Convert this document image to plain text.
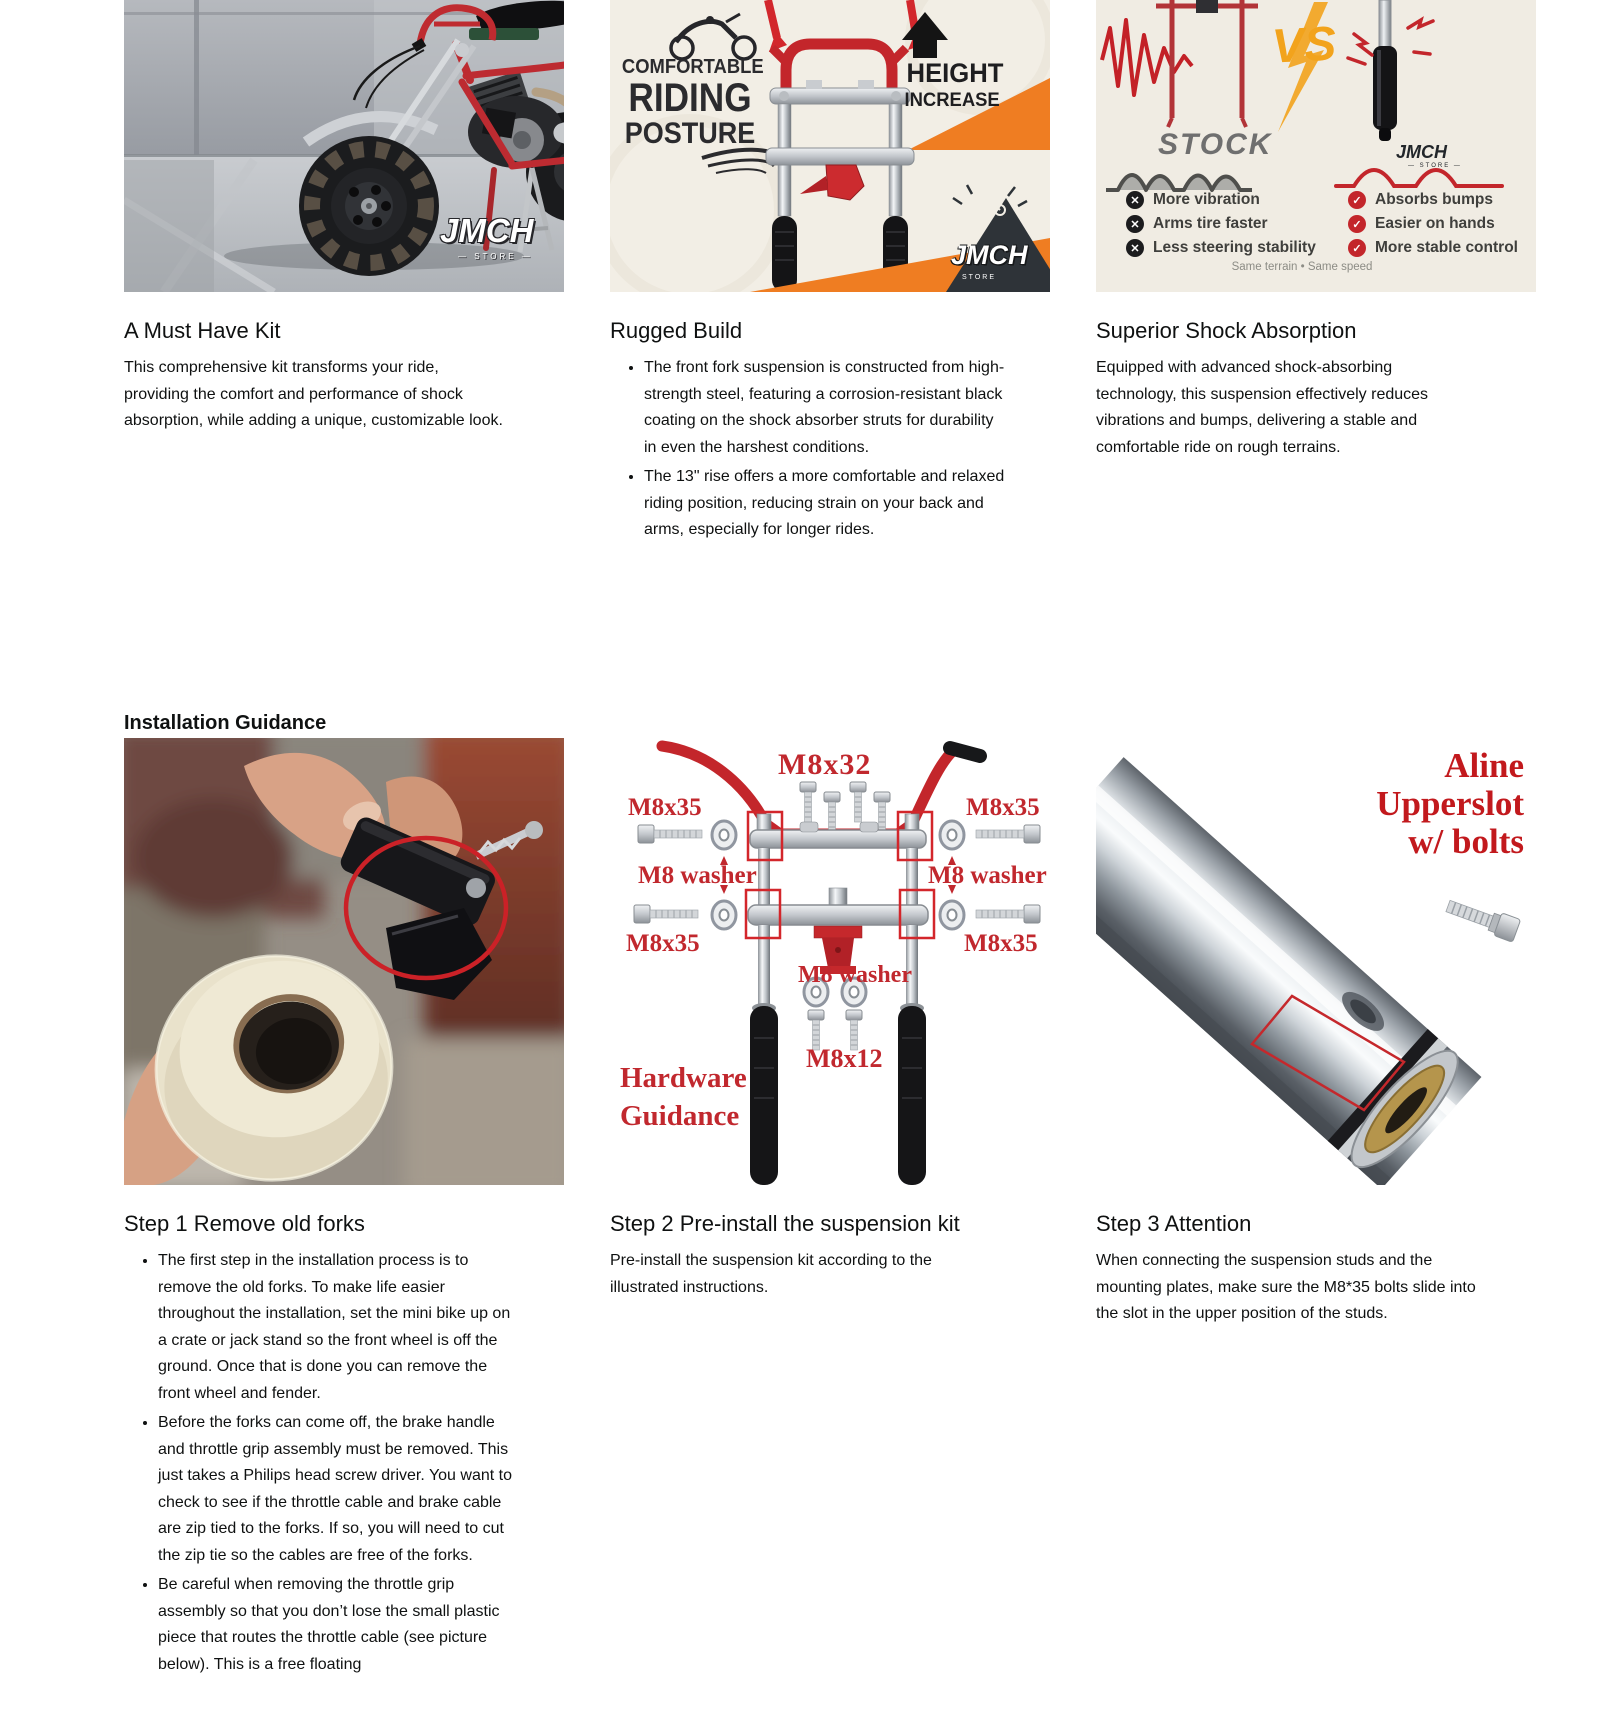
JMCH
— STORE —
A Must Have Kit

This comprehensive kit transforms your ride, providing the comfort and performance of shock absorption, while adding a unique, customizable look.

COMFORTABLE
RIDING
POSTURE
HEIGHT
INCREASE
JMCH
STORE
Rugged Build
• The front fork suspension is constructed from high-strength steel, featuring a corrosion-resistant black coating on the shock absorber struts for durability in even the harshest conditions.
• The 13" rise offers a more comfortable and relaxed riding position, reducing strain on your back and arms, especially for longer rides.
STOCK
VS
JMCH
— STORE —
✕ More vibration
✕ Arms tire faster
✕ Less steering stability
✓ Absorbs bumps
✓ Easier on hands
✓ More stable control
Same terrain • Same speed
Superior Shock Absorption

Equipped with advanced shock-absorbing technology, this suspension effectively reduces vibrations and bumps, delivering a stable and comfortable ride on rough terrains.

Installation Guidance
Step 1 Remove old forks
• The first step in the installation process is to remove the old forks. To make life easier throughout the installation, set the mini bike up on a crate or jack stand so the front wheel is off the ground. Once that is done you can remove the front wheel and fender.
• Before the forks can come off, the brake handle and throttle grip assembly must be removed. This just takes a Philips head screw driver. You want to check to see if the throttle cable and brake cable are zip tied to the forks. If so, you will need to cut the zip tie so the cables are free of the forks.
• Be careful when removing the throttle grip assembly so that you don’t lose the small plastic piece that routes the throttle cable (see picture below). This is a free floating
M8x32
M8x35
M8 washer
M8x35
M8x35
M8 washer
M8x35
M8 washer
M8x12
Hardware
Guidance
Step 2 Pre-install the suspension kit

Pre-install the suspension kit according to the illustrated instructions.

Aline
Upperslot
w/ bolts
Step 3 Attention

When connecting the suspension studs and the mounting plates, make sure the M8*35 bolts slide into the slot in the upper position of the studs.
